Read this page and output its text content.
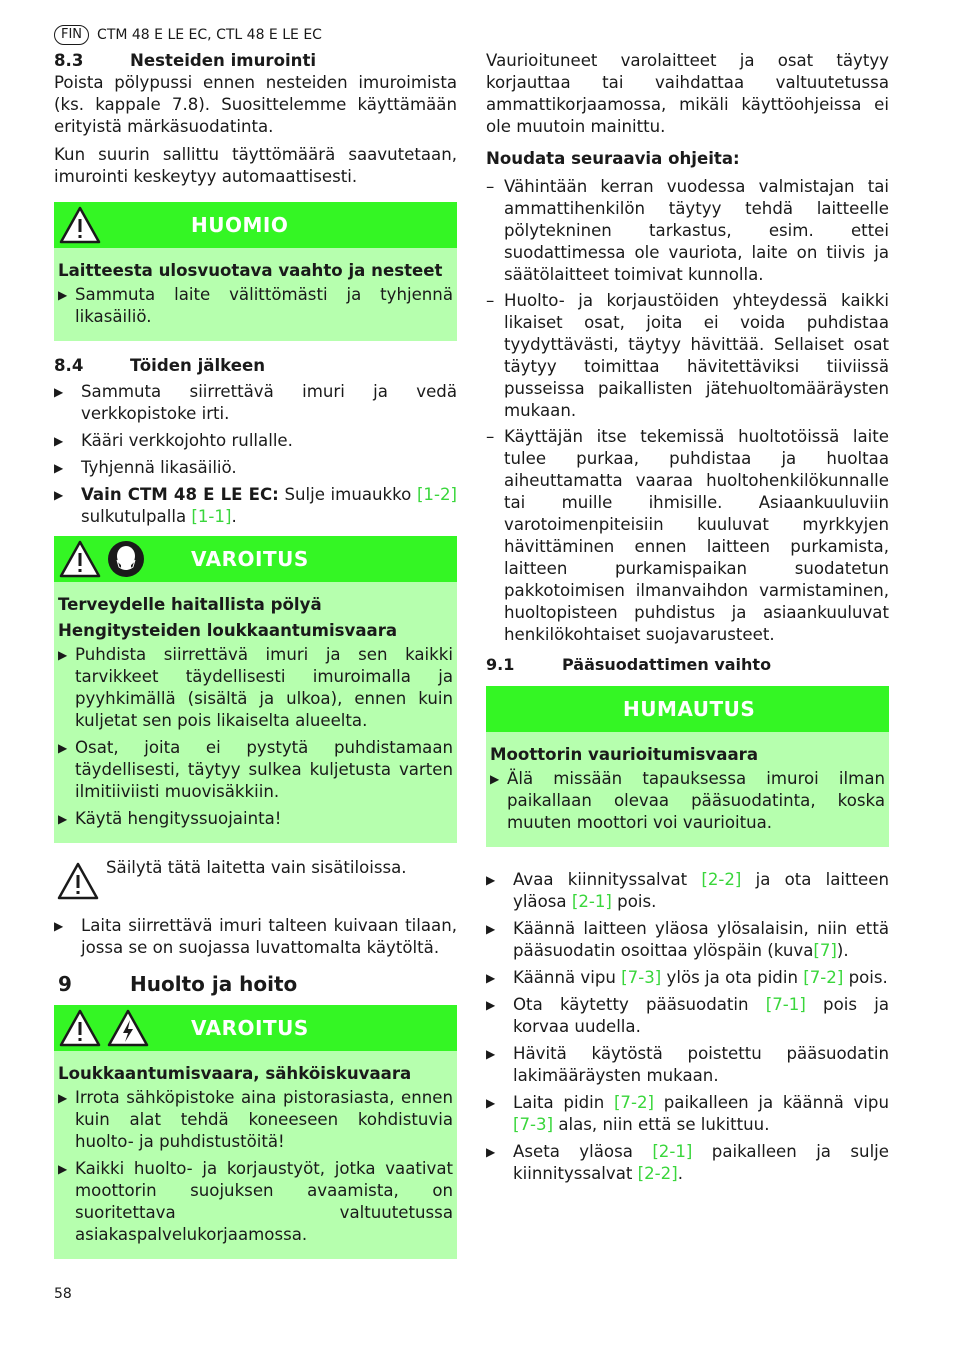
FIN	CTM 48 E LE EC, CTL 48 E LE EC
8.3	Nesteiden imurointi

Poista pölypussi ennen nesteiden imuroimista (ks. kappale 7.8). Suosittelemme käyttämään erityistä märkäsuodatinta.

Kun suurin sallittu täyttömäärä saavutetaan, imurointi keskeytyy automaattisesti.

HUOMIO
Laitteesta ulosvuotava vaahto ja nesteet
▶ Sammuta laite välittömästi ja tyhjennä likasäiliö.
8.4	Töiden jälkeen
▶	Sammuta siirrettävä imuri ja vedä verkkopistoke irti.
▶	Kääri verkkojohto rullalle.
▶	Tyhjennä likasäiliö.
▶	Vain CTM 48 E LE EC: Sulje imuaukko [1-2] sulkutulpalla [1-1].
VAROITUS
Terveydelle haitallista pölyä
Hengitysteiden loukkaantumisvaara
▶ Puhdista siirrettävä imuri ja sen kaikki tarvikkeet täydellisesti imuroimalla ja pyyhkimällä (sisältä ja ulkoa), ennen kuin kuljetat sen pois likaiselta alueelta.
▶ Osat, joita ei pystytä puhdistamaan täydellisesti, täytyy sulkea kuljetusta varten ilmitiiviisti muovisäkkiin.
▶ Käytä hengityssuojainta!

Säilytä tätä laitetta vain sisätiloissa.

▶	Laita siirrettävä imuri talteen kuivaan tilaan, jossa se on suojassa luvattomalta käytöltä.
9	Huolto ja hoito
VAROITUS
Loukkaantumisvaara, sähköiskuvaara
▶ Irrota sähköpistoke aina pistorasiasta, ennen kuin alat tehdä koneeseen kohdistuvia huolto- ja puhdistustöitä!
▶ Kaikki huolto- ja korjaustyöt, jotka vaativat moottorin suojuksen avaamista, on suoritettava valtuutetussa asiakaspalvelukorjaamossa.

Vaurioituneet varolaitteet ja osat täytyy korjauttaa tai vaihdattaa valtuutetussa ammattikorjaamossa, mikäli käyttöohjeissa ei ole muutoin mainittu.

Noudata seuraavia ohjeita:

– Vähintään kerran vuodessa valmistajan tai ammattihenkilön täytyy tehdä laitteelle pölytekninen tarkastus, esim. ettei suodattimessa ole vauriota, laite on tiivis ja säätölaitteet toimivat kunnolla.
– Huolto- ja korjaustöiden yhteydessä kaikki likaiset osat, joita ei voida puhdistaa tyydyttävästi, täytyy hävittää. Sellaiset osat täytyy toimittaa hävitettäviksi tiiviissä pusseissa paikallisten jätehuoltomääräysten mukaan.
– Käyttäjän itse tekemissä huoltotöissä laite tulee purkaa, puhdistaa ja huoltaa aiheuttamatta vaaraa huoltohenkilökunnalle tai muille ihmisille. Asiaankuuluviin varotoimenpiteisiin kuuluvat myrkkyjen hävittäminen ennen laitteen purkamista, laitteen purkamispaikan suodatetun pakkotoimisen ilmanvaihdon varmistaminen, huoltopisteen puhdistus ja asiaankuuluvat henkilökohtaiset suojavarusteet.
9.1	Pääsuodattimen vaihto
HUMAUTUS
Moottorin vaurioitumisvaara
▶ Älä missään tapauksessa imuroi ilman paikallaan olevaa pääsuodatinta, koska muuten moottori voi vaurioitua.
▶	Avaa kiinnityssalvat [2-2] ja ota laitteen yläosa [2-1] pois.
▶	Käännä laitteen yläosa ylösalaisin, niin että pääsuodatin osoittaa ylöspäin (kuva[7]).
▶	Käännä vipu [7-3] ylös ja ota pidin [7-2] pois.
▶	Ota käytetty pääsuodatin [7-1] pois ja korvaa uudella.
▶	Hävitä käytöstä poistettu pääsuodatin lakimääräysten mukaan.
▶	Laita pidin [7-2] paikalleen ja käännä vipu [7-3] alas, niin että se lukittuu.
▶	Aseta yläosa [2-1] paikalleen ja sulje kiinnityssalvat [2-2].
58
